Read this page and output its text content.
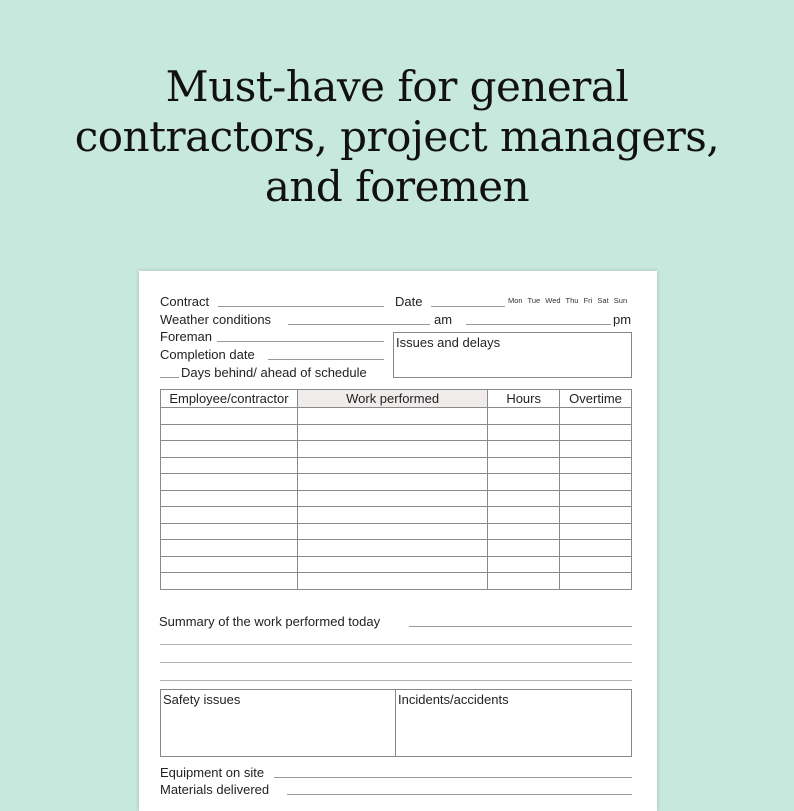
Must-have for general
contractors, project managers,
and foremen
Contract	Date	Mon Tue Wed Thu Fri Sat Sun
Weather conditions	am	pm
Foreman
Completion date
Days behind/ ahead of schedule
Issues and delays
Employee/contractor	Work performed	Hours	Overtime

Summary of the work performed today
Safety issues	Incidents/accidents
Equipment on site
Materials delivered
